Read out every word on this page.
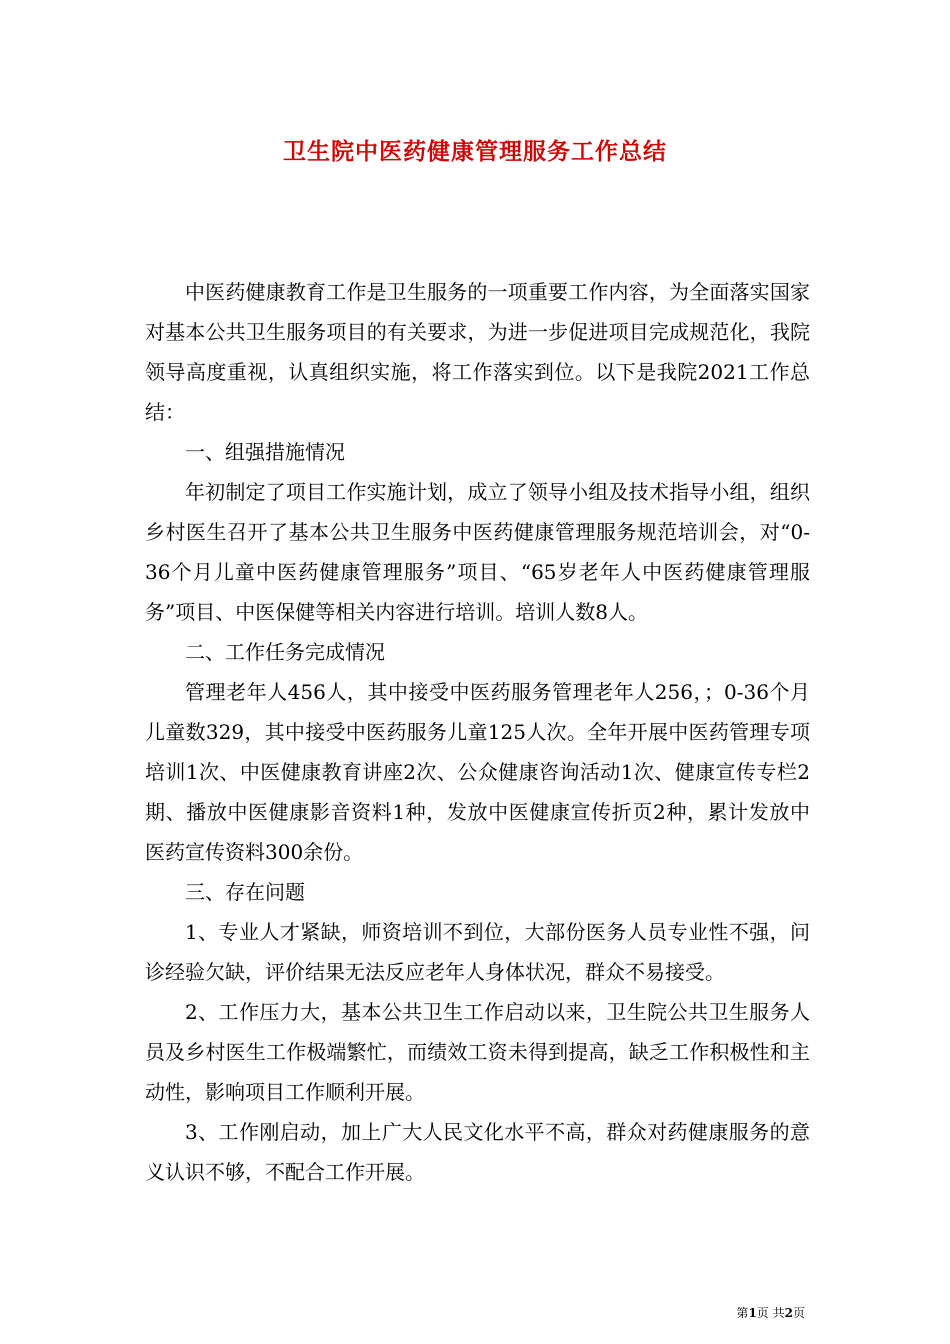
卫生院中医药健康管理服务工作总结

中医药健康教育工作是卫生服务的一项重要工作内容，为全面落实国家对基本公共卫生服务项目的有关要求，为进一步促进项目完成规范化，我院领导高度重视，认真组织实施，将工作落实到位。以下是我院2021工作总结：

一、组强措施情况

年初制定了项目工作实施计划，成立了领导小组及技术指导小组，组织乡村医生召开了基本公共卫生服务中医药健康管理服务规范培训会，对“0-36个月儿童中医药健康管理服务”项目、“65岁老年人中医药健康管理服务”项目、中医保健等相关内容进行培训。培训人数8人。

二、工作任务完成情况

管理老年人456人，其中接受中医药服务管理老年人256，；0-36个月儿童数329，其中接受中医药服务儿童125人次。全年开展中医药管理专项培训1次、中医健康教育讲座2次、公众健康咨询活动1次、健康宣传专栏2期、播放中医健康影音资料1种，发放中医健康宣传折页2种，累计发放中医药宣传资料300余份。

三、存在问题

1、专业人才紧缺，师资培训不到位，大部份医务人员专业性不强，问诊经验欠缺，评价结果无法反应老年人身体状况，群众不易接受。

2、工作压力大，基本公共卫生工作启动以来，卫生院公共卫生服务人员及乡村医生工作极端繁忙，而绩效工资未得到提高，缺乏工作积极性和主动性，影响项目工作顺利开展。

3、工作刚启动，加上广大人民文化水平不高，群众对药健康服务的意义认识不够，不配合工作开展。

第1页 共2页
